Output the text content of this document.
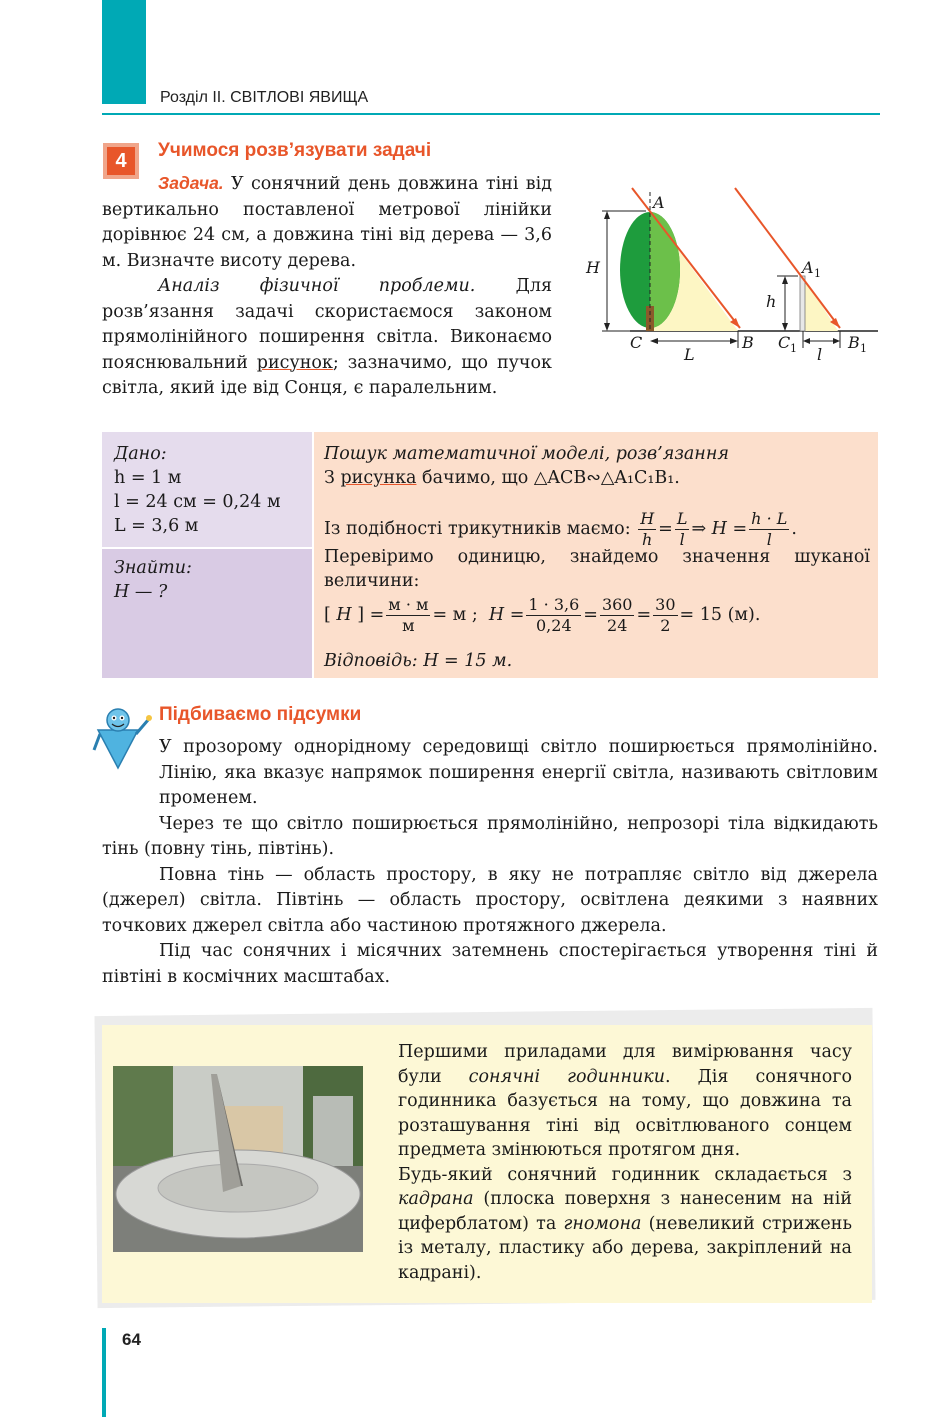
Розділ ІІ. СВІТЛОВІ ЯВИЩА
4	Учимося розв’язувати задачі
Задача. У сонячний день довжина тіні від вертикально поставленої метрової лінійки дорівнює 24 см, а довжина тіні від дерева — 3,6 м. Визначте висоту дерева.
Аналіз фізичної проблеми. Для розв’язання задачі скористаємося законом прямолінійного поширення світла. Виконаємо пояснювальний рисунок; зазначимо, що пучок світла, який іде від Сонця, є паралельним.
A
H
C
L
B
A 1
h
C 1 l
B 1
Дано:
h = 1 м
l = 24 см = 0,24 м
L = 3,6 м
Знайти:
H — ?
Пошук математичної моделі, розв’язання
З рисунка бачимо, що △ACB∾△A₁C₁B₁.
Із подібності трикутників маємо: $\frac{H}{h} = \frac{L}{l}$ ⇒ $H = \frac{h \cdot L}{l}$ .
Перевіримо одиницю, знайдемо значення шуканої величини:
[ H ] = $\frac{м \cdot м}{м} = м$ ;  $H = \frac{1 \cdot 3,6}{0,24} = \frac{360}{24} = \frac{30}{2} = 15$ (м).
Відповідь: H = 15 м.
Підбиваємо підсумки
У прозорому однорідному середовищі світло поширюється прямолінійно. Лінію, яка вказує напрямок поширення енергії світла, називають світловим променем.
Через те що світло поширюється прямолінійно, непрозорі тіла відкидають тінь (повну тінь, півтінь).
Повна тінь — область простору, в яку не потрапляє світло від джерела (джерел) світла. Півтінь — область простору, освітлена деякими з наявних точкових джерел світла або частиною протяжного джерела.
Під час сонячних і місячних затемнень спостерігається утворення тіні й півтіні в космічних масштабах.
Першими приладами для вимірювання часу були сонячні годинники. Дія сонячного годинника базується на тому, що довжина та розташування тіні від освітлюваного сонцем предмета змінюються протягом дня.
Будь-який сонячний годинник складається з кадрана (плоска поверхня з нанесеним на ній циферблатом) та гномона (невеликий стрижень із металу, пластику або дерева, закріплений на кадрані).
64
